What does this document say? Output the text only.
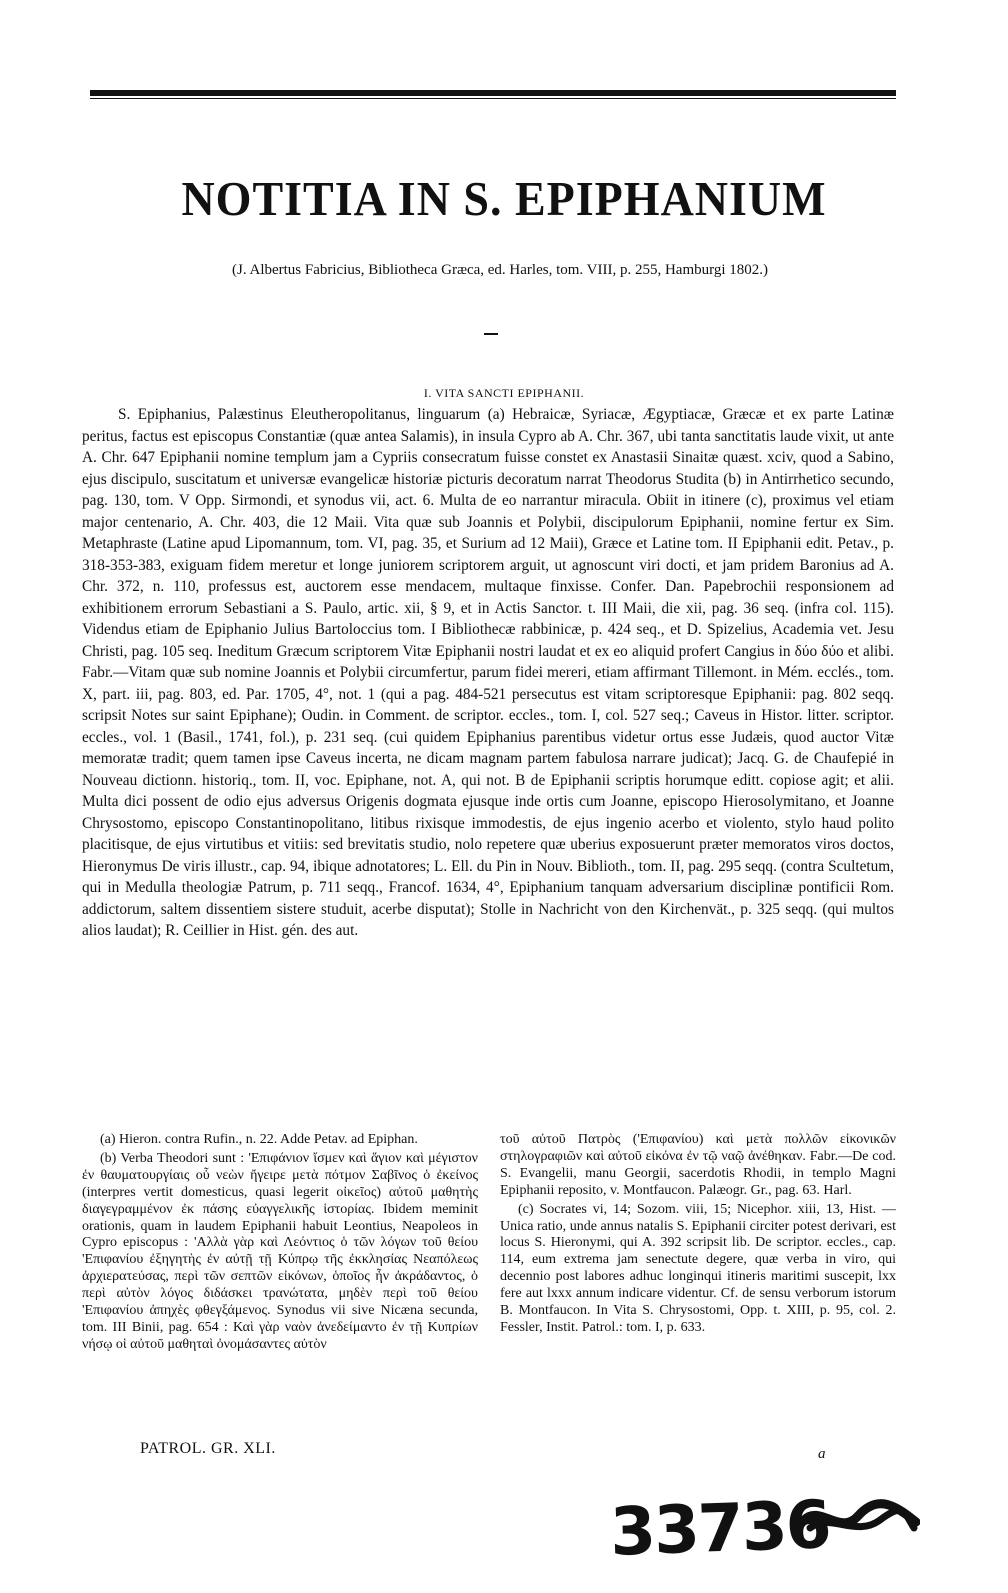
NOTITIA IN S. EPIPHANIUM
(J. Albertus Fabricius, Bibliotheca Græca, ed. Harles, tom. VIII, p. 255, Hamburgi 1802.)
I. VITA SANCTI EPIPHANII.

S. Epiphanius, Palæstinus Eleutheropolitanus, linguarum (a) Hebraicæ, Syriacæ, Ægyptiacæ, Græcæ et ex parte Latinæ peritus, factus est episcopus Constantiæ (quæ antea Salamis), in insula Cypro ab A. Chr. 367, ubi tanta sanctitatis laude vixit, ut ante A. Chr. 647 Epiphanii nomine templum jam a Cypriis consecratum fuisse constet ex Anastasii Sinaitæ quæst. xciv, quod a Sabino, ejus discipulo, suscitatum et universæ evangelicæ historiæ picturis decoratum narrat Theodorus Studita (b) in Antirrhetico secundo, pag. 130, tom. V Opp. Sirmondi, et synodus vii, act. 6. Multa de eo narrantur miracula. Obiit in itinere (c), proximus vel etiam major centenario, A. Chr. 403, die 12 Maii. Vita quæ sub Joannis et Polybii, discipulorum Epiphanii, nomine fertur ex Sim. Metaphraste (Latine apud Lipomannum, tom. VI, pag. 35, et Surium ad 12 Maii), Græce et Latine tom. II Epiphanii edit. Petav., p. 318-353-383, exiguam fidem meretur et longe juniorem scriptorem arguit, ut agnoscunt viri docti, et jam pridem Baronius ad A. Chr. 372, n. 110, professus est, auctorem esse mendacem, multaque finxisse. Confer. Dan. Papebrochii responsionem ad exhibitionem errorum Sebastiani a S. Paulo, artic. xii, § 9, et in Actis Sanctor. t. III Maii, die xii, pag. 36 seq. (infra col. 115). Videndus etiam de Epiphanio Julius Bartoloccius tom. I Bibliothecæ rabbinicæ, p. 424 seq., et D. Spizelius, Academia vet. Jesu Christi, pag. 105 seq. Ineditum Græcum scriptorem Vitæ Epiphanii nostri laudat et ex eo aliquid profert Cangius in δύο δύο et alibi. Fabr.—Vitam quæ sub nomine Joannis et Polybii circumfertur, parum fidei mereri, etiam affirmant Tillemont. in Mém. ecclés., tom. X, part. iii, pag. 803, ed. Par. 1705, 4°, not. 1 (qui a pag. 484-521 persecutus est vitam scriptoresque Epiphanii: pag. 802 seqq. scripsit Notes sur saint Epiphane); Oudin. in Comment. de scriptor. eccles., tom. I, col. 527 seq.; Caveus in Histor. litter. scriptor. eccles., vol. 1 (Basil., 1741, fol.), p. 231 seq. (cui quidem Epiphanius parentibus videtur ortus esse Judæis, quod auctor Vitæ memoratæ tradit; quem tamen ipse Caveus incerta, ne dicam magnam partem fabulosa narrare judicat); Jacq. G. de Chaufepié in Nouveau dictionn. historiq., tom. II, voc. Epiphane, not. A, qui not. B de Epiphanii scriptis horumque editt. copiose agit; et alii. Multa dici possent de odio ejus adversus Origenis dogmata ejusque inde ortis cum Joanne, episcopo Hierosolymitano, et Joanne Chrysostomo, episcopo Constantinopolitano, litibus rixisque immodestis, de ejus ingenio acerbo et violento, stylo haud polito placitisque, de ejus virtutibus et vitiis: sed brevitatis studio, nolo repetere quæ uberius exposuerunt præter memoratos viros doctos, Hieronymus De viris illustr., cap. 94, ibique adnotatores; L. Ell. du Pin in Nouv. Biblioth., tom. II, pag. 295 seqq. (contra Scultetum, qui in Medulla theologiæ Patrum, p. 711 seqq., Francof. 1634, 4°, Epiphanium tanquam adversarium disciplinæ pontificii Rom. addictorum, saltem dissentiem sistere studuit, acerbe disputat); Stolle in Nachricht von den Kirchenvät., p. 325 seqq. (qui multos alios laudat); R. Ceillier in Hist. gén. des aut.

(a) Hieron. contra Rufin., n. 22. Adde Petav. ad Epiphan.

(b) Verba Theodori sunt : 'Επιφάνιον ἴσμεν καὶ ἅγιον καὶ μέγιστον ἐν θαυματουργίαις οὗ νεὼν ἤγειρε μετὰ πότμον Σαβῖνος ὁ ἐκείνος (interpres vertit domesticus, quasi legerit οἰκεῖος) αὐτοῦ μαθητὴς διαγεγραμμένον ἐκ πάσης εὐαγγελικῆς ἱστορίας. Ibidem meminit orationis, quam in laudem Epiphanii habuit Leontius, Neapoleos in Cypro episcopus : 'Αλλὰ γὰρ καὶ Λεόντιος ὁ τῶν λόγων τοῦ θείου 'Επιφανίου ἐξηγητὴς ἐν αὐτῇ τῇ Κύπρῳ τῆς ἐκκλησίας Νεαπόλεως ἀρχιερατεύσας, περὶ τῶν σεπτῶν εἰκόνων, ὁποῖος ἦν ἀκράδαντος, ὁ περὶ αὐτὸν λόγος διδάσκει τρανώτατα, μηδὲν περὶ τοῦ θείου 'Επιφανίου ἀπηχὲς φθεγξάμενος. Synodus vii sive Nicæna secunda, tom. III Binii, pag. 654 : Καὶ γὰρ ναὸν ἀνεδείμαντο ἐν τῇ Κυπρίων νήσῳ οἱ αὐτοῦ μαθηταὶ ὀνομάσαντες αὐτὸν

τοῦ αὐτοῦ Πατρὸς ('Επιφανίου) καὶ μετὰ πολλῶν εἰκονικῶν στηλογραφιῶν καὶ αὐτοῦ εἰκόνα ἐν τῷ ναῷ ἀνέθηκαν. Fabr.—De cod. S. Evangelii, manu Georgii, sacerdotis Rhodii, in templo Magni Epiphanii reposito, v. Montfaucon. Palæogr. Gr., pag. 63. Harl.

(c) Socrates vi, 14; Sozom. viii, 15; Nicephor. xiii, 13, Hist. — Unica ratio, unde annus natalis S. Epiphanii circiter potest derivari, est locus S. Hieronymi, qui A. 392 scripsit lib. De scriptor. eccles., cap. 114, eum extrema jam senectute degere, quæ verba in viro, qui decennio post labores adhuc longinqui itineris maritimi suscepit, lxx fere aut lxxx annum indicare videntur. Cf. de sensu verborum istorum B. Montfaucon. In Vita S. Chrysostomi, Opp. t. XIII, p. 95, col. 2. Fessler, Instit. Patrol.: tom. I, p. 633.

PATROL. GR. XLI.	a
33736
